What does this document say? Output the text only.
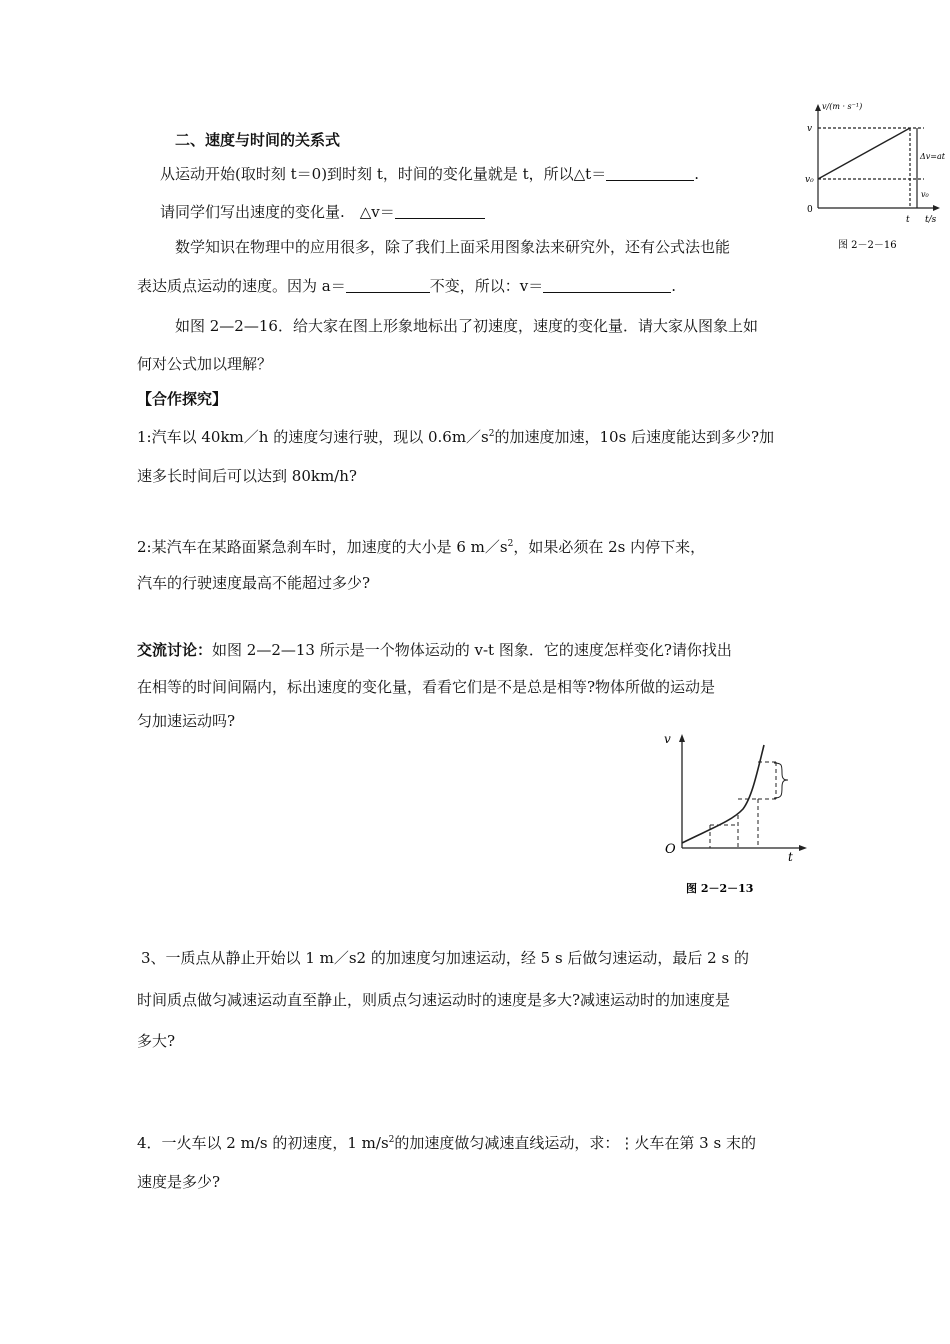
二、速度与时间的关系式
从运动开始(取时刻 t＝0)到时刻 t，时间的变化量就是 t，所以△t＝	.
请同学们写出速度的变化量.　△v＝
数学知识在物理中的应用很多，除了我们上面采用图象法来研究外，还有公式法也能
表达质点运动的速度。因为 a＝	不变，所以：v＝	.
如图 2—2—16．给大家在图上形象地标出了初速度，速度的变化量．请大家从图象上如
何对公式加以理解？
【合作探究】
1:汽车以 40km／h 的速度匀速行驶，现以 $0.6m/s^2$的加速度加速，10s 后速度能达到多少?加
速多长时间后可以达到 80km/h?
2:某汽车在某路面紧急刹车时，加速度的大小是 6 $m/s^2$，如果必须在 2s 内停下来，
汽车的行驶速度最高不能超过多少?
交流讨论：如图 2—2—13 所示是一个物体运动的 v-t 图象．它的速度怎样变化?请你找出
在相等的时间间隔内，标出速度的变化量，看看它们是不是总是相等?物体所做的运动是
匀加速运动吗?
3、一质点从静止开始以 1 m／s2 的加速度匀加速运动，经 5 s 后做匀速运动，最后 2 s 的
时间质点做匀减速运动直至静止，则质点匀速运动时的速度是多大?减速运动时的加速度是
多大?
4．一火车以 2 m/s 的初速度，1 $m/s^2$的加速度做匀减速直线运动，求：⋮火车在第 3 s 末的
速度是多少?
v/(m · s⁻¹)
v
v₀
0
t t/s
Δv=at
v₀
图 2－2－16
v
O	t
图 2－2－13
